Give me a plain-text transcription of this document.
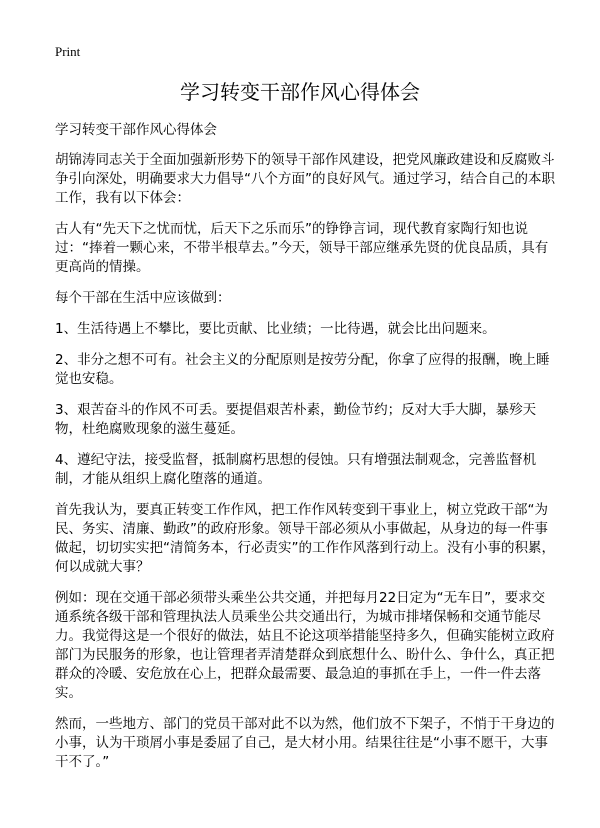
Print
学习转变干部作风心得体会

学习转变干部作风心得体会

胡锦涛同志关于全面加强新形势下的领导干部作风建设，把党风廉政建设和反腐败斗争引向深处，明确要求大力倡导“八个方面”的良好风气。通过学习，结合自己的本职工作，我有以下体会：

古人有“先天下之忧而忧，后天下之乐而乐”的铮铮言词，现代教育家陶行知也说过：“捧着一颗心来，不带半根草去。”今天，领导干部应继承先贤的优良品质，具有更高尚的情操。

每个干部在生活中应该做到：

1、生活待遇上不攀比，要比贡献、比业绩；一比待遇，就会比出问题来。

2、非分之想不可有。社会主义的分配原则是按劳分配，你拿了应得的报酬，晚上睡觉也安稳。

3、艰苦奋斗的作风不可丢。要提倡艰苦朴素，勤俭节约；反对大手大脚，暴殄天物，杜绝腐败现象的滋生蔓延。

4、遵纪守法，接受监督，抵制腐朽思想的侵蚀。只有增强法制观念，完善监督机制，才能从组织上腐化堕落的通道。

首先我认为，要真正转变工作作风，把工作作风转变到干事业上，树立党政干部“为民、务实、清廉、勤政”的政府形象。领导干部必须从小事做起，从身边的每一件事做起，切切实实把“清简务本，行必责实”的工作作风落到行动上。没有小事的积累，何以成就大事？

例如：现在交通干部必须带头乘坐公共交通，并把每月22日定为“无车日”，要求交通系统各级干部和管理执法人员乘坐公共交通出行，为城市排堵保畅和交通节能尽力。我觉得这是一个很好的做法，姑且不论这项举措能坚持多久，但确实能树立政府部门为民服务的形象，也让管理者弄清楚群众到底想什么、盼什么、争什么，真正把群众的冷暖、安危放在心上，把群众最需要、最急迫的事抓在手上，一件一件去落实。

然而，一些地方、部门的党员干部对此不以为然，他们放不下架子，不悄于干身边的小事，认为干琐屑小事是委屈了自己，是大材小用。结果往往是“小事不愿干，大事干不了。”
